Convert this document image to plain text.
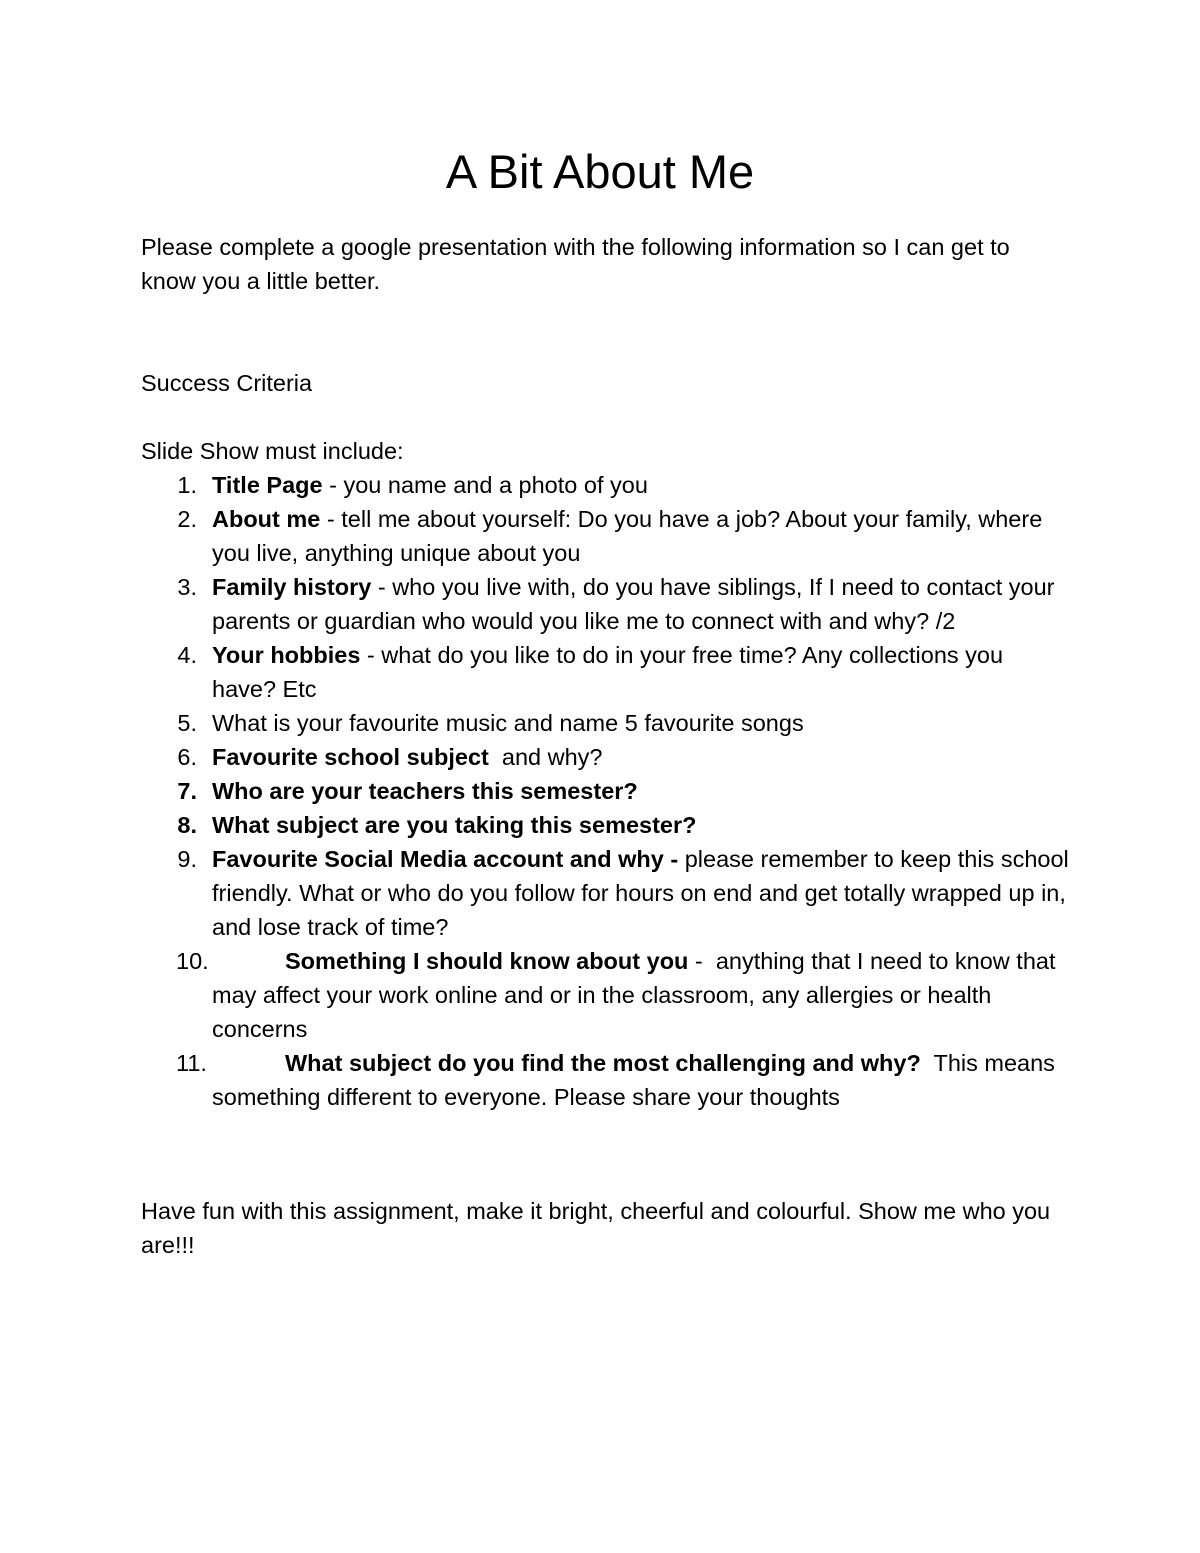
A Bit About Me

Please complete a google presentation with the following information so I can get to know you a little better.

Success Criteria

Slide Show must include:

1. Title Page - you name and a photo of you
2. About me - tell me about yourself: Do you have a job? About your family, where you live, anything unique about you
3. Family history - who you live with, do you have siblings, If I need to contact your parents or guardian who would you like me to connect with and why? /2
4. Your hobbies - what do you like to do in your free time? Any collections you have? Etc
5. What is your favourite music and name 5 favourite songs
6. Favourite school subject  and why?
7. Who are your teachers this semester?
8. What subject are you taking this semester?
9. Favourite Social Media account and why - please remember to keep this school friendly. What or who do you follow for hours on end and get totally wrapped up in, and lose track of time?
10.	Something I should know about you -  anything that I need to know that may affect your work online and or in the classroom, any allergies or health concerns
11.	What subject do you find the most challenging and why?  This means something different to everyone. Please share your thoughts

Have fun with this assignment, make it bright, cheerful and colourful. Show me who you are!!!
